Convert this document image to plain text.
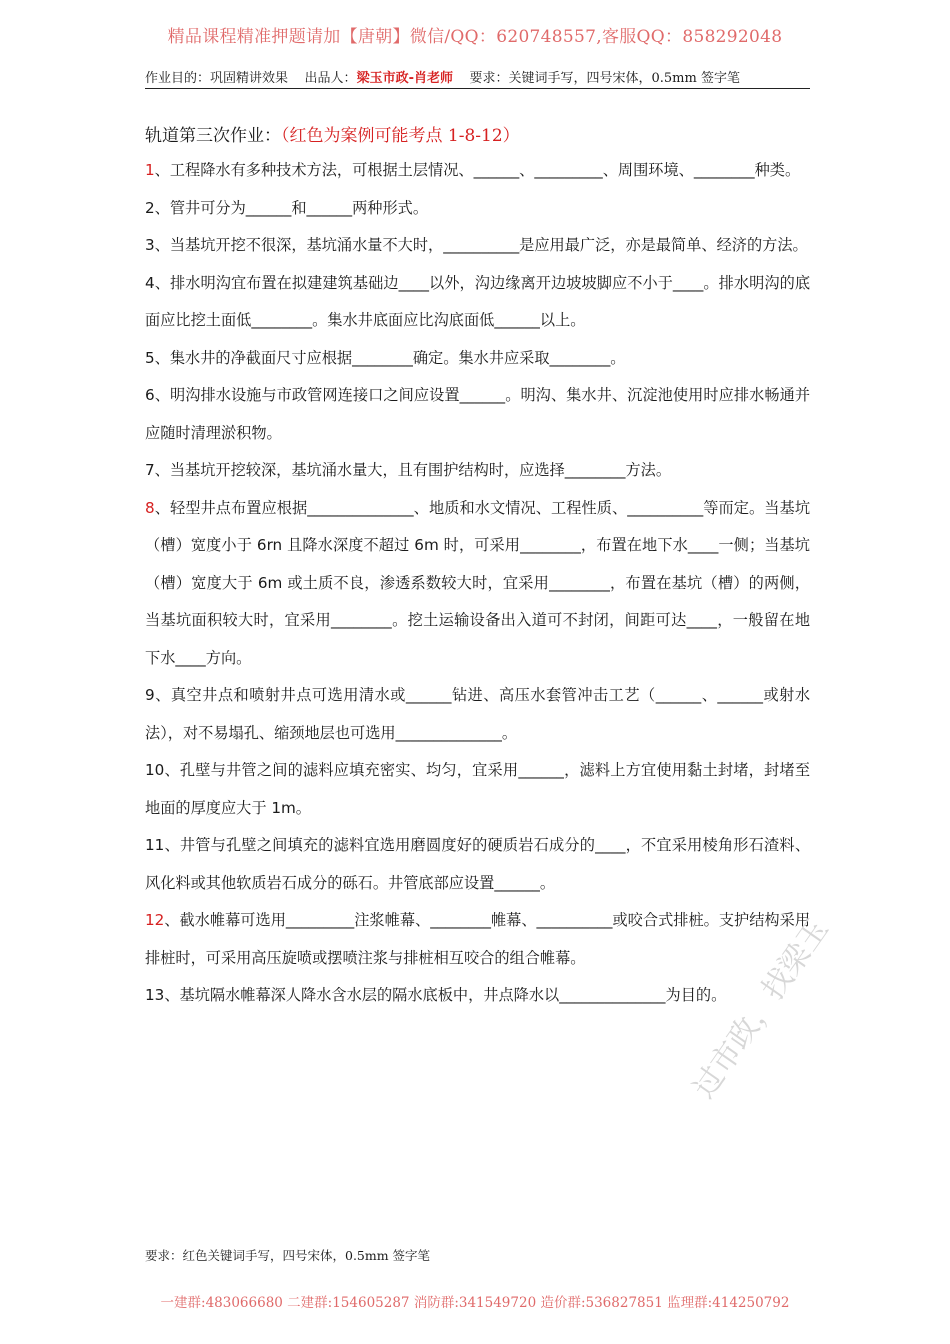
精品课程精准押题请加【唐朝】微信/QQ：620748557,客服QQ：858292048
作业目的：巩固精讲效果 出品人：梁玉市政-肖老师 要求：关键词手写，四号宋体，0.5mm 签字笔
轨道第三次作业：（红色为案例可能考点 1-8-12）

1、工程降水有多种技术方法，可根据土层情况、______、_________、周围环境、________种类。

2、管井可分为______和______两种形式。

3、当基坑开挖不很深，基坑涌水量不大时，__________是应用最广泛，亦是最简单、经济的方法。

4、排水明沟宜布置在拟建建筑基础边____以外，沟边缘离开边坡坡脚应不小于____。排水明沟的底面应比挖土面低________。集水井底面应比沟底面低______以上。

5、集水井的净截面尺寸应根据________确定。集水井应采取________。

6、明沟排水设施与市政管网连接口之间应设置______。明沟、集水井、沉淀池使用时应排水畅通并应随时清理淤积物。

7、当基坑开挖较深，基坑涌水量大，且有围护结构时，应选择________方法。

8、轻型井点布置应根据______________、地质和水文情况、工程性质、__________等而定。当基坑（槽）宽度小于 6rn 且降水深度不超过 6m 时，可采用________，布置在地下水____一侧；当基坑（槽）宽度大于 6m 或土质不良，渗透系数较大时，宜采用________，布置在基坑（槽）的两侧，当基坑面积较大时，宜采用________。挖土运输设备出入道可不封闭，间距可达____，一般留在地下水____方向。

9、真空井点和喷射井点可选用清水或______钻进、高压水套管冲击工艺（______、______或射水法），对不易塌孔、缩颈地层也可选用______________。

10、孔壁与井管之间的滤料应填充密实、均匀，宜采用______，滤料上方宜使用黏土封堵，封堵至地面的厚度应大于 1m。

11、井管与孔壁之间填充的滤料宜选用磨圆度好的硬质岩石成分的____，不宜采用棱角形石渣料、风化料或其他软质岩石成分的砾石。井管底部应设置______。

12、截水帷幕可选用_________注浆帷幕、________帷幕、__________或咬合式排桩。支护结构采用排桩时，可采用高压旋喷或摆喷注浆与排桩相互咬合的组合帷幕。

13、基坑隔水帷幕深人降水含水层的隔水底板中，井点降水以______________为目的。

过市政，找梁玉
要求：红色关键词手写，四号宋体，0.5mm 签字笔
一建群:483066680 二建群:154605287 消防群:341549720 造价群:536827851 监理群:414250792
